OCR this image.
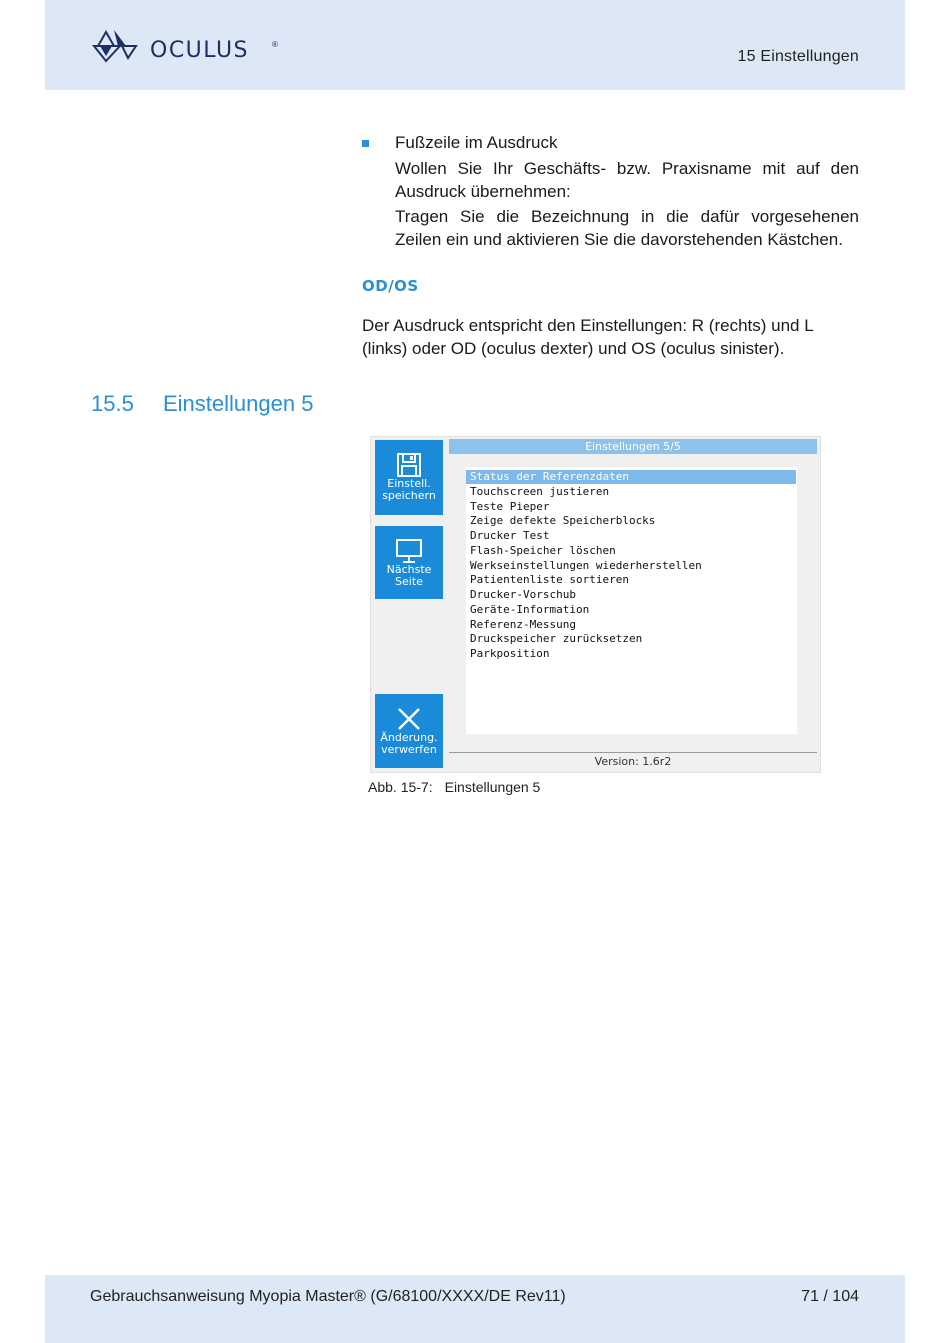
OCULUS	®
15 Einstellungen
Fußzeile im Ausdruck
Wollen Sie Ihr Geschäfts- bzw. Praxisname mit auf den Ausdruck übernehmen:
Tragen Sie die Bezeichnung in die dafür vorgesehenen Zeilen ein und aktivieren Sie die davorstehenden Kästchen.
OD/OS
Der Ausdruck entspricht den Einstellungen: R (rechts) und L (links) oder OD (oculus dexter) und OS (oculus sinister).
15.5 Einstellungen 5
Einstell.
speichern
Nächste
Seite
Änderung.
verwerfen
Einstellungen 5/5
Status der Referenzdaten
Touchscreen justieren
Teste Pieper
Zeige defekte Speicherblocks
Drucker Test
Flash-Speicher löschen
Werkseinstellungen wiederherstellen
Patientenliste sortieren
Drucker-Vorschub
Geräte-Information
Referenz-Messung
Druckspeicher zurücksetzen
Parkposition
Version: 1.6r2
Abb. 15-7: Einstellungen 5
Gebrauchsanweisung Myopia Master® (G/68100/XXXX/DE Rev11)	71 / 104
